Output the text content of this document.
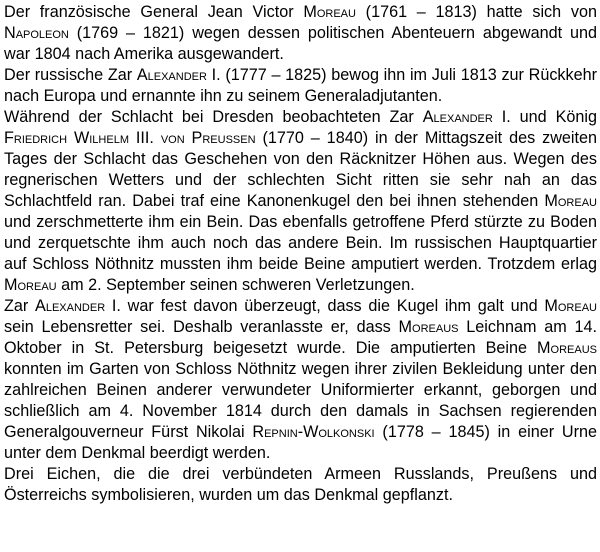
Der französische General Jean Victor Moreau (1761 – 1813) hatte sich von Napoleon (1769 – 1821) wegen dessen politischen Abenteuern abgewandt und war 1804 nach Amerika ausgewandert.

Der russische Zar Alexander I. (1777 – 1825) bewog ihn im Juli 1813 zur Rückkehr nach Europa und ernannte ihn zu seinem Generaladjutanten.

Während der Schlacht bei Dresden beobachteten Zar Alexander I. und König Friedrich Wilhelm III. von Preußen (1770 – 1840) in der Mittagszeit des zweiten Tages der Schlacht das Geschehen von den Räcknitzer Höhen aus. Wegen des regnerischen Wetters und der schlechten Sicht ritten sie sehr nah an das Schlachtfeld ran. Dabei traf eine Kanonenkugel den bei ihnen stehenden Moreau und zerschmetterte ihm ein Bein. Das ebenfalls getroffene Pferd stürzte zu Boden und zerquetschte ihm auch noch das andere Bein. Im russischen Hauptquartier auf Schloss Nöthnitz mussten ihm beide Beine amputiert werden. Trotzdem erlag Moreau am 2. September seinen schweren Verletzungen.

Zar Alexander I. war fest davon überzeugt, dass die Kugel ihm galt und Moreau sein Lebensretter sei. Deshalb veranlasste er, dass Moreaus Leichnam am 14. Oktober in St. Petersburg beigesetzt wurde. Die amputierten Beine Moreaus konnten im Garten von Schloss Nöthnitz wegen ihrer zivilen Bekleidung unter den zahlreichen Beinen anderer verwundeter Uniformierter erkannt, geborgen und schließlich am 4. November 1814 durch den damals in Sachsen regierenden Generalgouverneur Fürst Nikolai Repnin-Wolkonski (1778 – 1845) in einer Urne unter dem Denkmal beerdigt werden.

Drei Eichen, die die drei verbündeten Armeen Russlands, Preußens und Österreichs symbolisieren, wurden um das Denkmal gepflanzt.
